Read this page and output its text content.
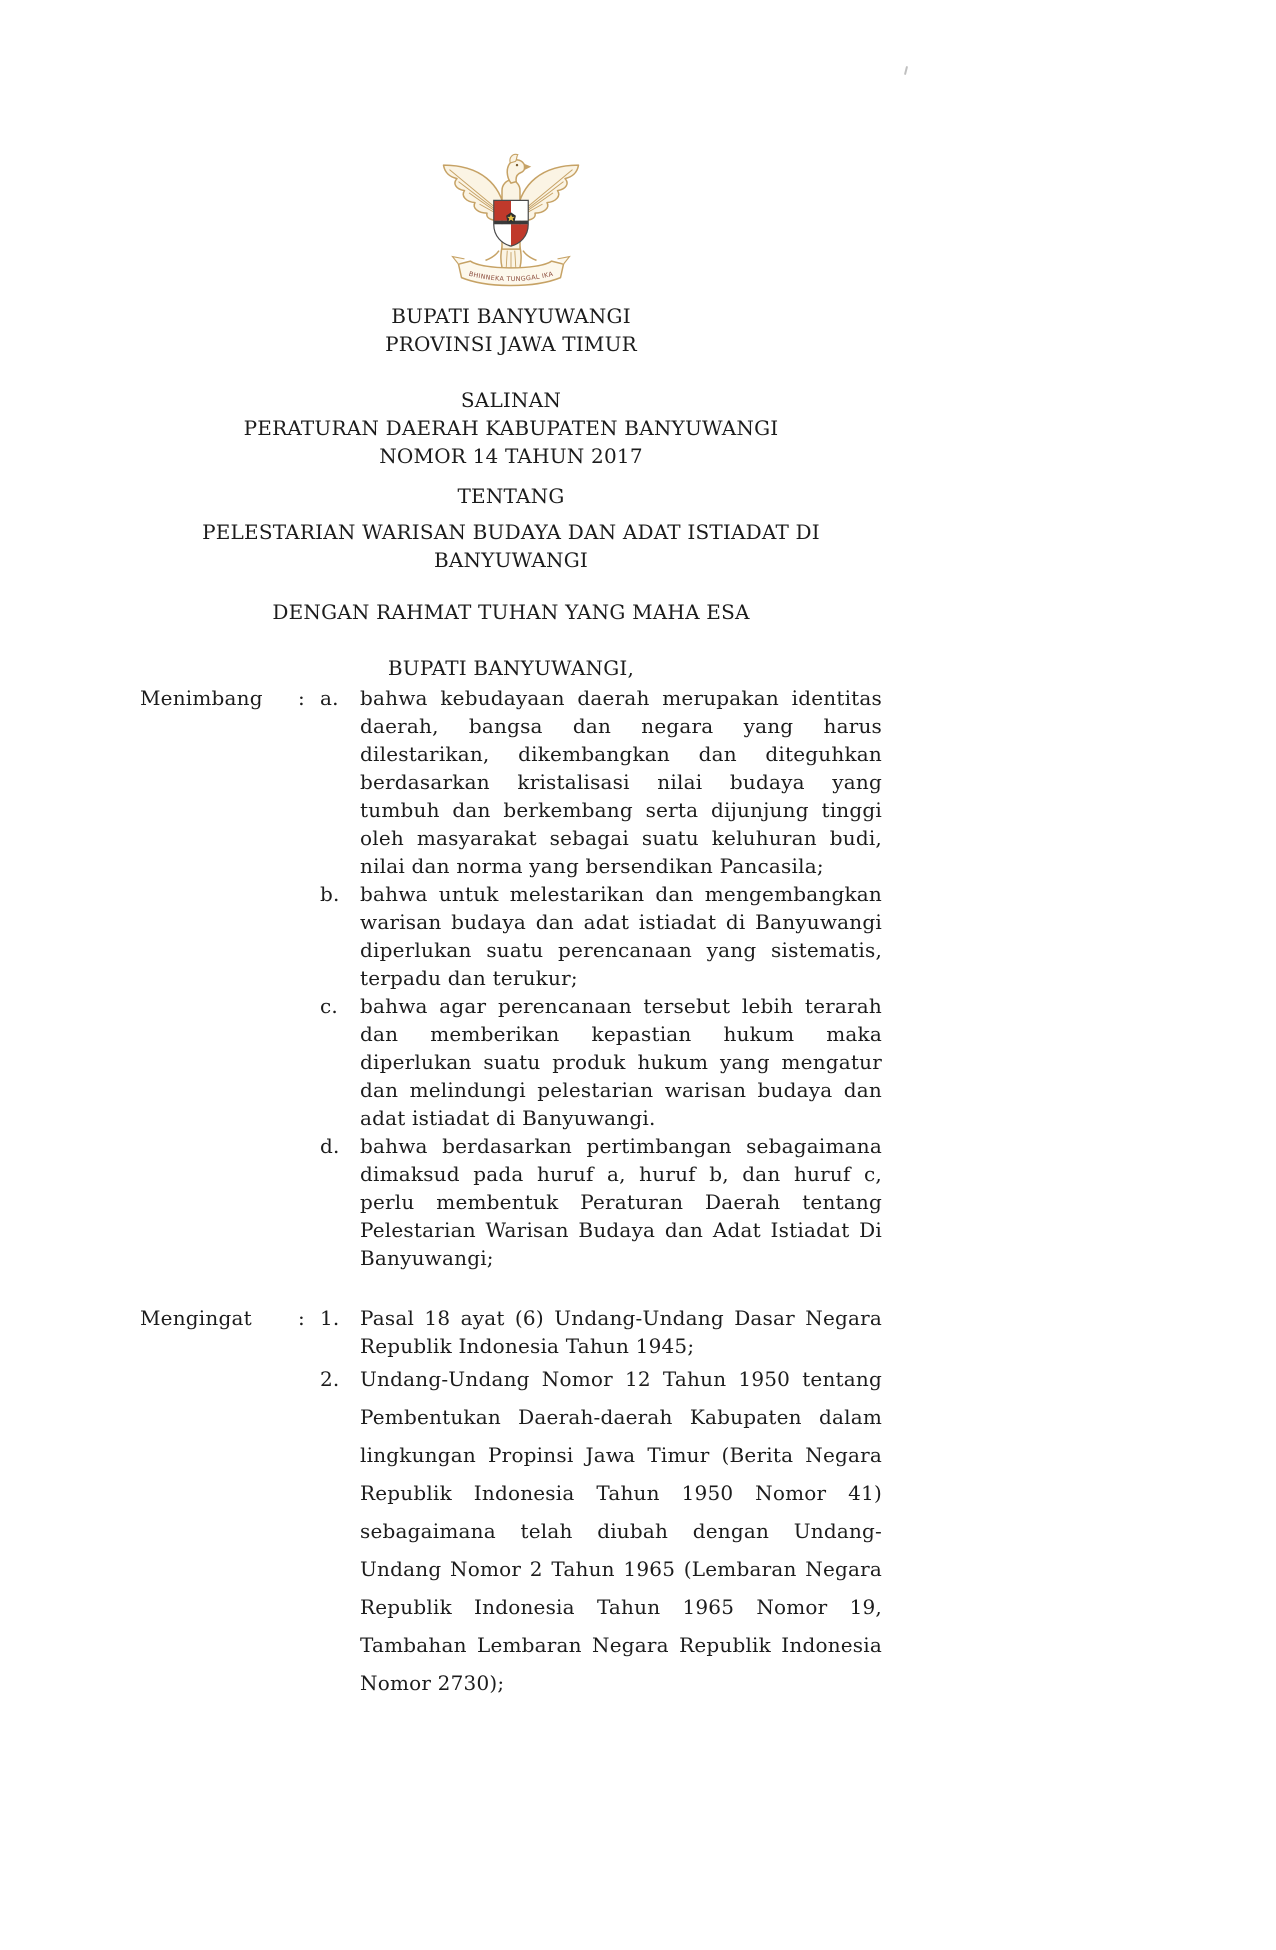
BHINNEKA TUNGGAL IKA
BUPATI BANYUWANGI
PROVINSI JAWA TIMUR
SALINAN
PERATURAN DAERAH KABUPATEN BANYUWANGI
NOMOR 14 TAHUN 2017
TENTANG
PELESTARIAN WARISAN BUDAYA DAN ADAT ISTIADAT DI BANYUWANGI
DENGAN RAHMAT TUHAN YANG MAHA ESA
BUPATI BANYUWANGI,
Menimbang	: a.	bahwa kebudayaan daerah merupakan identitas daerah, bangsa dan negara yang harus dilestarikan, dikembangkan dan diteguhkan berdasarkan kristalisasi nilai budaya yang tumbuh dan berkembang serta dijunjung tinggi oleh masyarakat sebagai suatu keluhuran budi, nilai dan norma yang bersendikan Pancasila;

b.	bahwa untuk melestarikan dan mengembangkan warisan budaya dan adat istiadat di Banyuwangi diperlukan suatu perencanaan yang sistematis, terpadu dan terukur;

c.	bahwa agar perencanaan tersebut lebih terarah dan memberikan kepastian hukum maka diperlukan suatu produk hukum yang mengatur dan melindungi pelestarian warisan budaya dan adat istiadat di Banyuwangi.

d.	bahwa berdasarkan pertimbangan sebagaimana dimaksud pada huruf a, huruf b, dan huruf c, perlu membentuk Peraturan Daerah tentang Pelestarian Warisan Budaya dan Adat Istiadat Di Banyuwangi;

Mengingat	: 1.	Pasal 18 ayat (6) Undang-Undang Dasar Negara Republik Indonesia Tahun 1945;

2.	Undang-Undang Nomor 12 Tahun 1950 tentang Pembentukan Daerah-daerah Kabupaten dalam lingkungan Propinsi Jawa Timur (Berita Negara Republik Indonesia Tahun 1950 Nomor 41) sebagaimana telah diubah dengan Undang-Undang Nomor 2 Tahun 1965 (Lembaran Negara Republik Indonesia Tahun 1965 Nomor 19, Tambahan Lembaran Negara Republik Indonesia Nomor 2730);
